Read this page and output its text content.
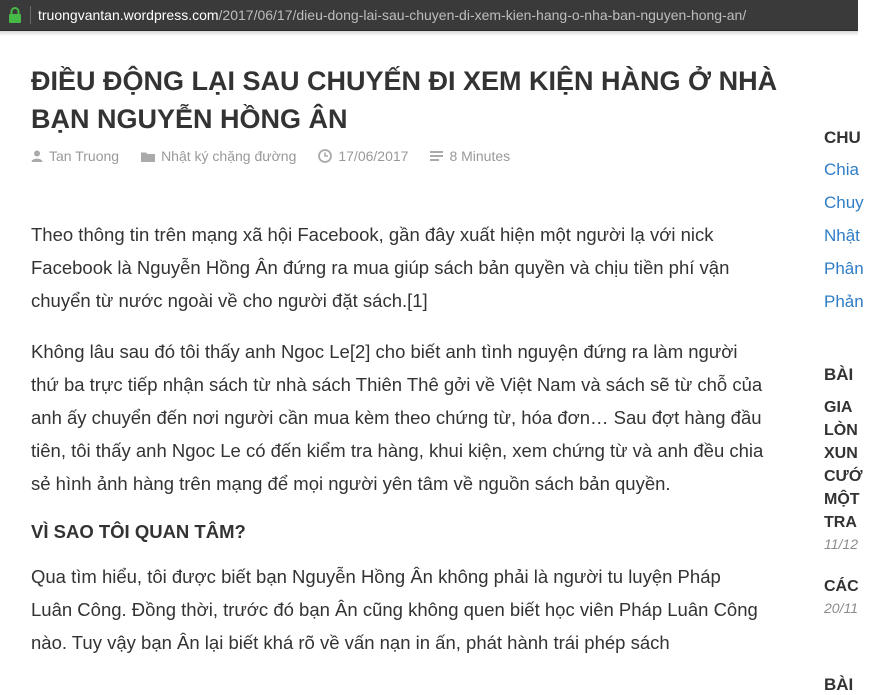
truongvantan.wordpress.com/2017/06/17/dieu-dong-lai-sau-chuyen-di-xem-kien-hang-o-nha-ban-nguyen-hong-an/
ĐIỀU ĐỘNG LẠI SAU CHUYẾN ĐI XEM KIỆN HÀNG Ở NHÀ BẠN NGUYỄN HỒNG ÂN
Tan Truong	Nhật ký chặng đường	17/06/2017	8 Minutes

Theo thông tin trên mạng xã hội Facebook, gần đây xuất hiện một người lạ với nick Facebook là Nguyễn Hồng Ân đứng ra mua giúp sách bản quyền và chịu tiền phí vận chuyển từ nước ngoài về cho người đặt sách.[1]

Không lâu sau đó tôi thấy anh Ngoc Le[2] cho biết anh tình nguyện đứng ra làm người thứ ba trực tiếp nhận sách từ nhà sách Thiên Thê gởi về Việt Nam và sách sẽ từ chỗ của anh ấy chuyển đến nơi người cần mua kèm theo chứng từ, hóa đơn… Sau đợt hàng đầu tiên, tôi thấy anh Ngoc Le có đến kiểm tra hàng, khui kiện, xem chứng từ và anh đều chia sẻ hình ảnh hàng trên mạng để mọi người yên tâm về nguồn sách bản quyền.

VÌ SAO TÔI QUAN TÂM?

Qua tìm hiểu, tôi được biết bạn Nguyễn Hồng Ân không phải là người tu luyện Pháp Luân Công. Đồng thời, trước đó bạn Ân cũng không quen biết học viên Pháp Luân Công nào. Tuy vậy bạn Ân lại biết khá rõ về vấn nạn in ấn, phát hành trái phép sách

CHU
Chia
Chuy
Nhật
Phân
Phản
BÀI
GIA
LÒN
XUN
CƯỚ
MỘT
TRA
11/12
CÁC
20/11
BÀI
